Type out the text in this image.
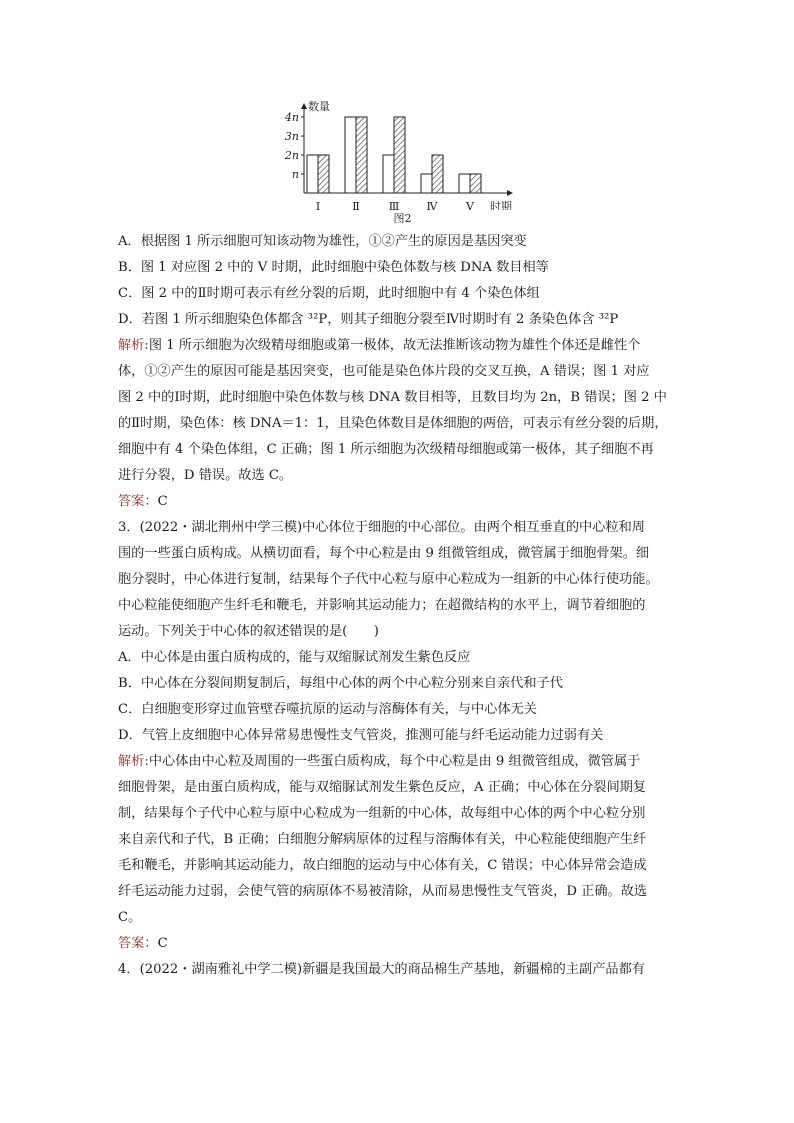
数量
时期
n
2n
3n
4n
Ⅰ	Ⅱ	Ⅲ Ⅳ	Ⅴ
图2
A．根据图 1 所示细胞可知该动物为雄性，①②产生的原因是基因突变
B．图 1 对应图 2 中的 V 时期，此时细胞中染色体数与核 DNA 数目相等
C．图 2 中的Ⅱ时期可表示有丝分裂的后期，此时细胞中有 4 个染色体组
D．若图 1 所示细胞染色体都含 ³²P，则其子细胞分裂至Ⅳ时期时有 2 条染色体含 ³²P
解析:图 1 所示细胞为次级精母细胞或第一极体，故无法推断该动物为雄性个体还是雌性个
体，①②产生的原因可能是基因突变，也可能是染色体片段的交叉互换，A 错误；图 1 对应
图 2 中的Ⅰ时期，此时细胞中染色体数与核 DNA 数目相等，且数目均为 2n，B 错误；图 2 中
的Ⅱ时期，染色体：核 DNA＝1：1，且染色体数目是体细胞的两倍，可表示有丝分裂的后期，
细胞中有 4 个染色体组，C 正确；图 1 所示细胞为次级精母细胞或第一极体，其子细胞不再
进行分裂，D 错误。故选 C。
答案：C
3．(2022・湖北荆州中学三模)中心体位于细胞的中心部位。由两个相互垂直的中心粒和周
围的一些蛋白质构成。从横切面看，每个中心粒是由 9 组微管组成，微管属于细胞骨架。细
胞分裂时，中心体进行复制，结果每个子代中心粒与原中心粒成为一组新的中心体行使功能。
中心粒能使细胞产生纤毛和鞭毛，并影响其运动能力；在超微结构的水平上，调节着细胞的
运动。下列关于中心体的叙述错误的是(　　)
A．中心体是由蛋白质构成的，能与双缩脲试剂发生紫色反应
B．中心体在分裂间期复制后，每组中心体的两个中心粒分别来自亲代和子代
C．白细胞变形穿过血管壁吞噬抗原的运动与溶酶体有关，与中心体无关
D．气管上皮细胞中心体异常易患慢性支气管炎，推测可能与纤毛运动能力过弱有关
解析:中心体由中心粒及周围的一些蛋白质构成，每个中心粒是由 9 组微管组成，微管属于
细胞骨架，是由蛋白质构成，能与双缩脲试剂发生紫色反应，A 正确；中心体在分裂间期复
制，结果每个子代中心粒与原中心粒成为一组新的中心体，故每组中心体的两个中心粒分别
来自亲代和子代，B 正确；白细胞分解病原体的过程与溶酶体有关，中心粒能使细胞产生纤
毛和鞭毛，并影响其运动能力，故白细胞的运动与中心体有关，C 错误；中心体异常会造成
纤毛运动能力过弱，会使气管的病原体不易被清除，从而易患慢性支气管炎，D 正确。故选
C。
答案：C
4．(2022・湖南雅礼中学二模)新疆是我国最大的商品棉生产基地，新疆棉的主副产品都有
